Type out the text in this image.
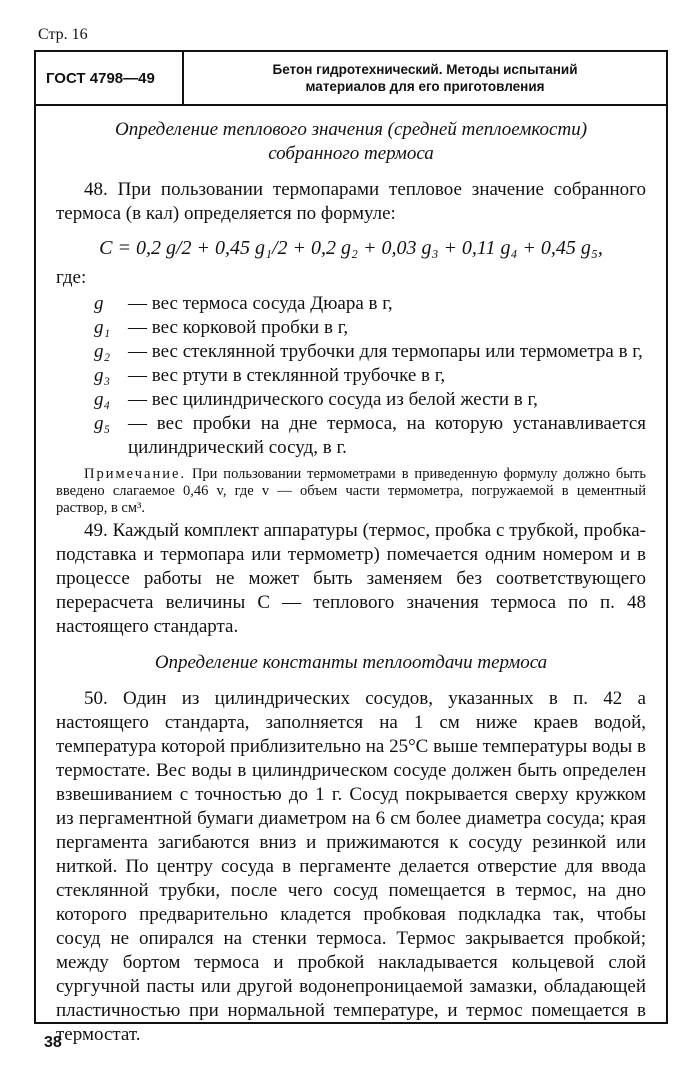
Стр. 16
ГОСТ 4798—49	Бетон гидротехнический. Методы испытаний
материалов для его приготовления
Определение теплового значения (средней теплоемкости)
собранного термоса

48. При пользовании термопарами тепловое значение собранного термоса (в кал) определяется по формуле:

C = 0,2 g/2 + 0,45 g₁/2 + 0,2 g₂ + 0,03 g₃ + 0,11 g₄ + 0,45 g₅,
где:
g	— вес термоса сосуда Дюара в г,
g₁ — вес корковой пробки в г,
g₂ — вес стеклянной трубочки для термопары или термометра в г,
g₃ — вес ртути в стеклянной трубочке в г,
g₄ — вес цилиндрического сосуда из белой жести в г,
g₅ — вес пробки на дне термоса, на которую устанавливается цилиндрический сосуд, в г.

Примечание. При пользовании термометрами в приведенную формулу должно быть введено слагаемое 0,46 v, где v — объем части термометра, погружаемой в цементный раствор, в см³.

49. Каждый комплект аппаратуры (термос, пробка с трубкой, пробка-подставка и термопара или термометр) помечается одним номером и в процессе работы не может быть заменяем без соответствующего перерасчета величины C — теплового значения термоса по п. 48 настоящего стандарта.

Определение константы теплоотдачи термоса

50. Один из цилиндрических сосудов, указанных в п. 42 а настоящего стандарта, заполняется на 1 см ниже краев водой, температура которой приблизительно на 25°С выше температуры воды в термостате. Вес воды в цилиндрическом сосуде должен быть определен взвешиванием с точностью до 1 г. Сосуд покрывается сверху кружком из пергаментной бумаги диаметром на 6 см более диаметра сосуда; края пергамента загибаются вниз и прижимаются к сосуду резинкой или ниткой. По центру сосуда в пергаменте делается отверстие для ввода стеклянной трубки, после чего сосуд помещается в термос, на дно которого предварительно кладется пробковая подкладка так, чтобы сосуд не опирался на стенки термоса. Термос закрывается пробкой; между бортом термоса и пробкой накладывается кольцевой слой сургучной пасты или другой водонепроницаемой замазки, обладающей пластичностью при нормальной температуре, и термос помещается в термостат.

38
